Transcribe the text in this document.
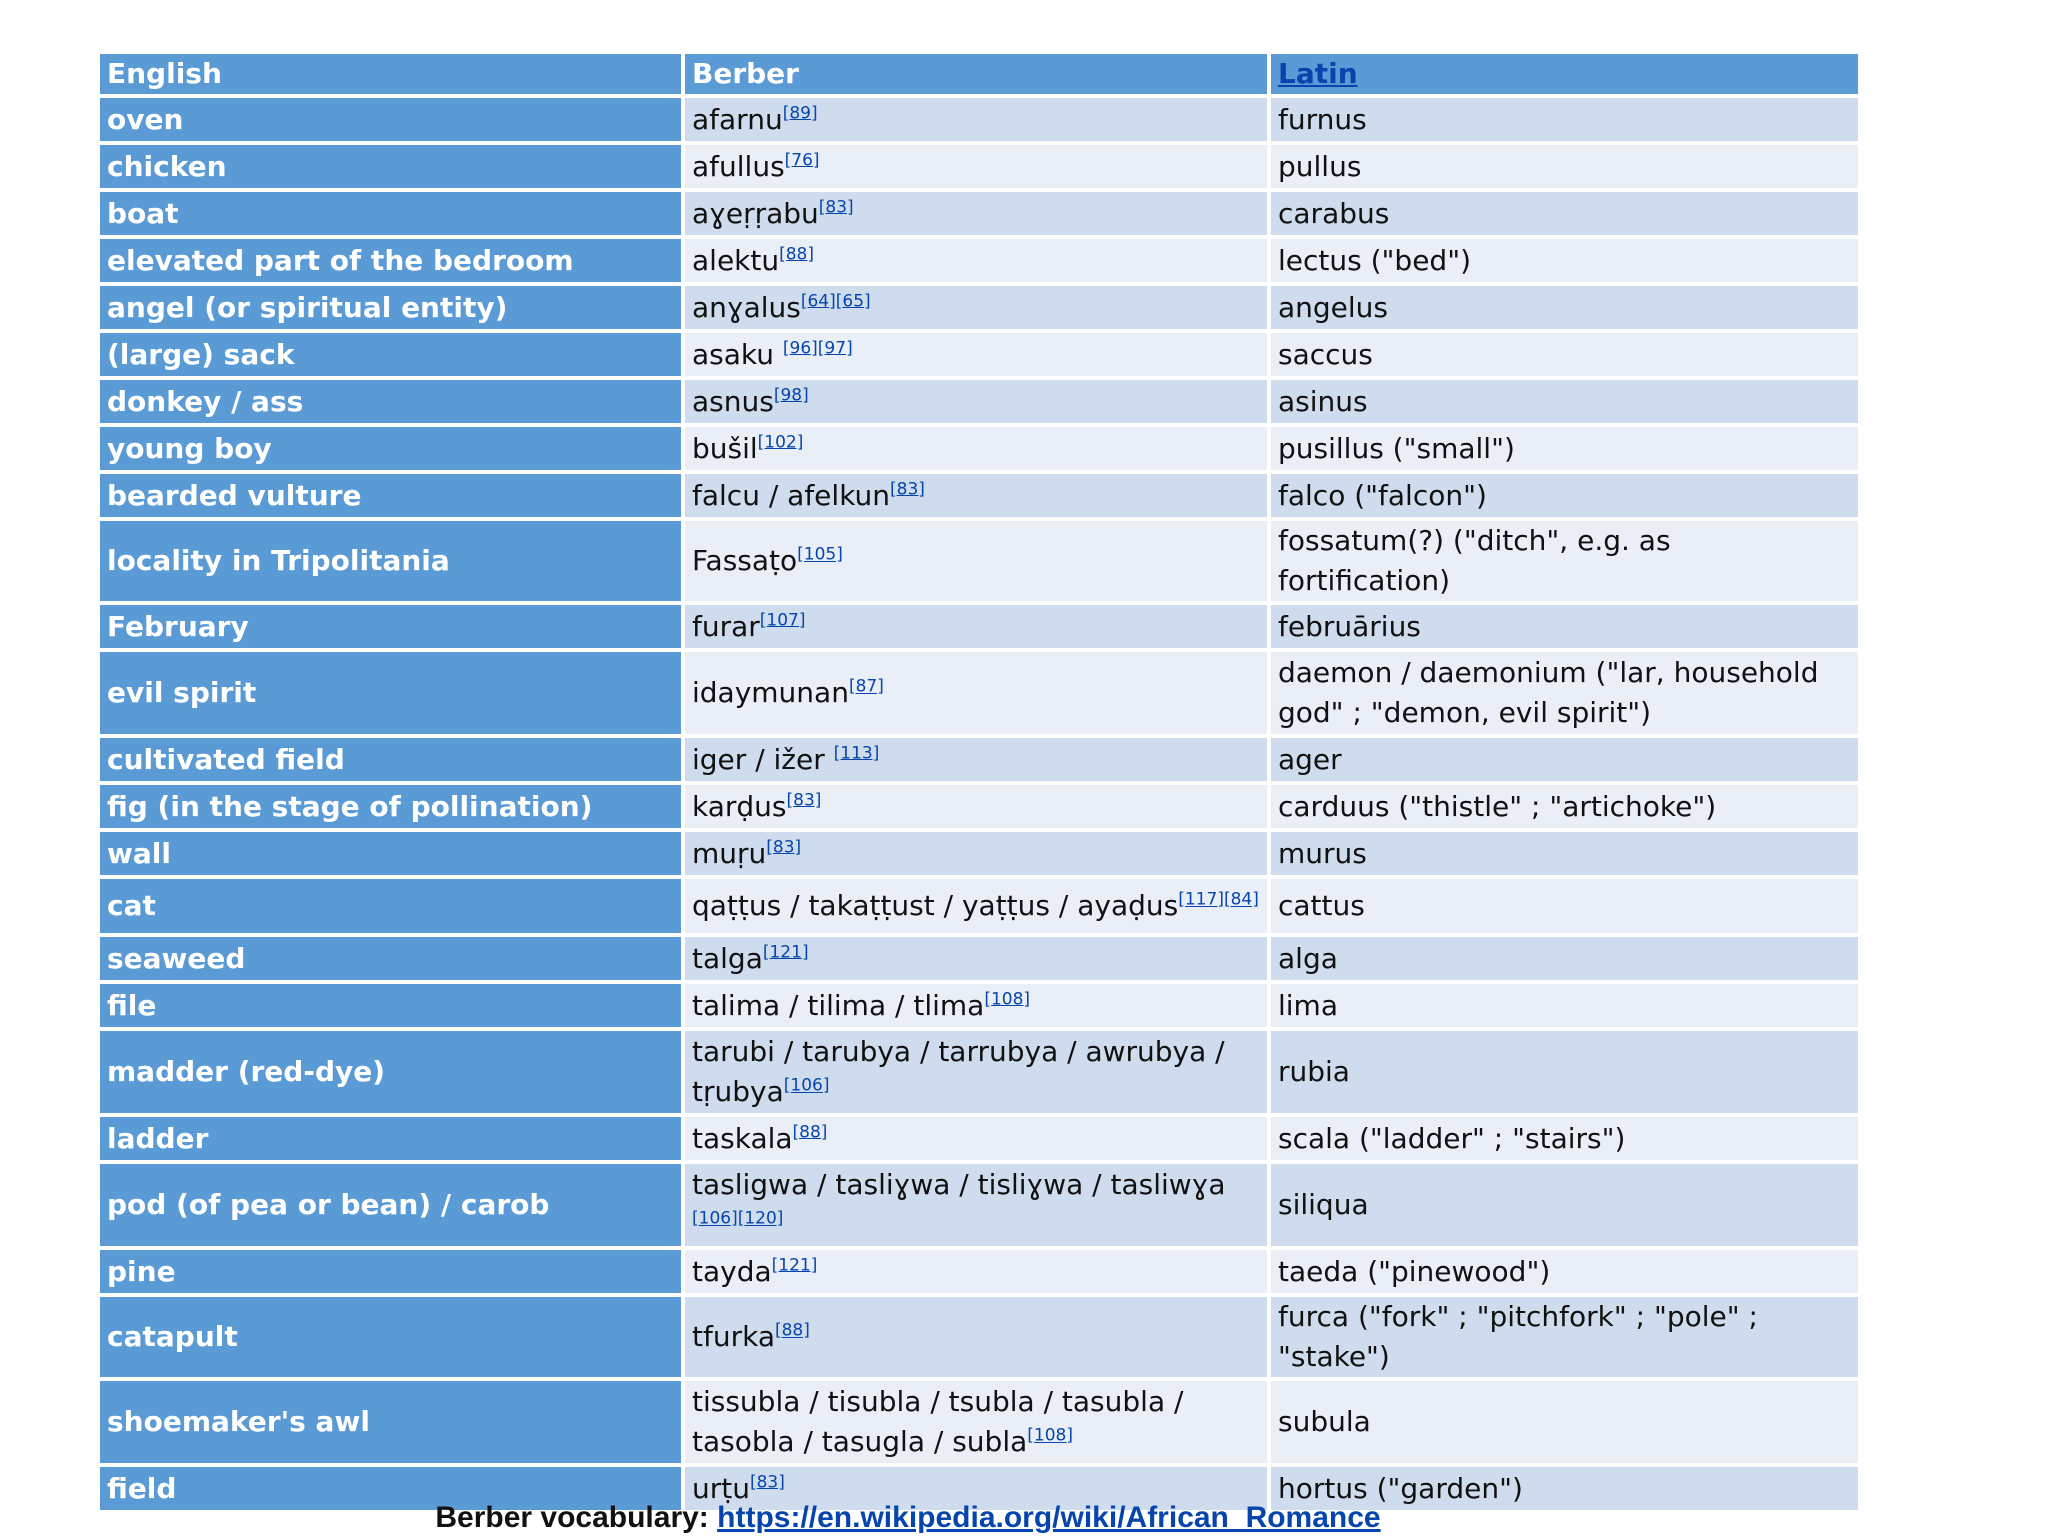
English	Berber	Latin
oven	afarnu[89]	furnus
chicken	afullus[76]	pullus
boat	aɣeṛṛabu[83]	carabus
elevated part of the bedroom	alektu[88]	lectus ("bed")
angel (or spiritual entity)	anɣalus[64][65]	angelus
(large) sack	asaku [96][97]	saccus
donkey / ass	asnus[98]	asinus
young boy	bušil[102]	pusillus ("small")
bearded vulture	falcu / afelkun[83]	falco ("falcon")
locality in Tripolitania	Fassaṭo[105]	fossatum(?) ("ditch", e.g. as fortification)
February	furar[107]	februārius
evil spirit	idaymunan[87]	daemon / daemonium ("lar, household god" ; "demon, evil spirit")
cultivated field	iger / ižer [113]	ager
fig (in the stage of pollination)	karḍus[83]	carduus ("thistle" ; "artichoke")
wall	muṛu[83]	murus
cat	qaṭṭus / takaṭṭust / yaṭṭus / ayaḍus[117][84]	cattus
seaweed	talga[121]	alga
file	talima / tilima / tlima[108]	lima
madder (red-dye)	tarubi / tarubya / tarrubya / awrubya / tṛubya[106]	rubia
ladder	taskala[88]	scala ("ladder" ; "stairs")
pod (of pea or bean) / carob	tasligwa / tasliɣwa / tisliɣwa / tasliwɣa [106][120]	siliqua
pine	tayda[121]	taeda ("pinewood")
catapult	tfurka[88]	furca ("fork" ; "pitchfork" ; "pole" ; "stake")
shoemaker's awl	tissubla / tisubla / tsubla / tasubla / tasobla / tasugla / subla[108]	subula
field	urṭu[83]	hortus ("garden")
Berber vocabulary: https://en.wikipedia.org/wiki/African_Romance
